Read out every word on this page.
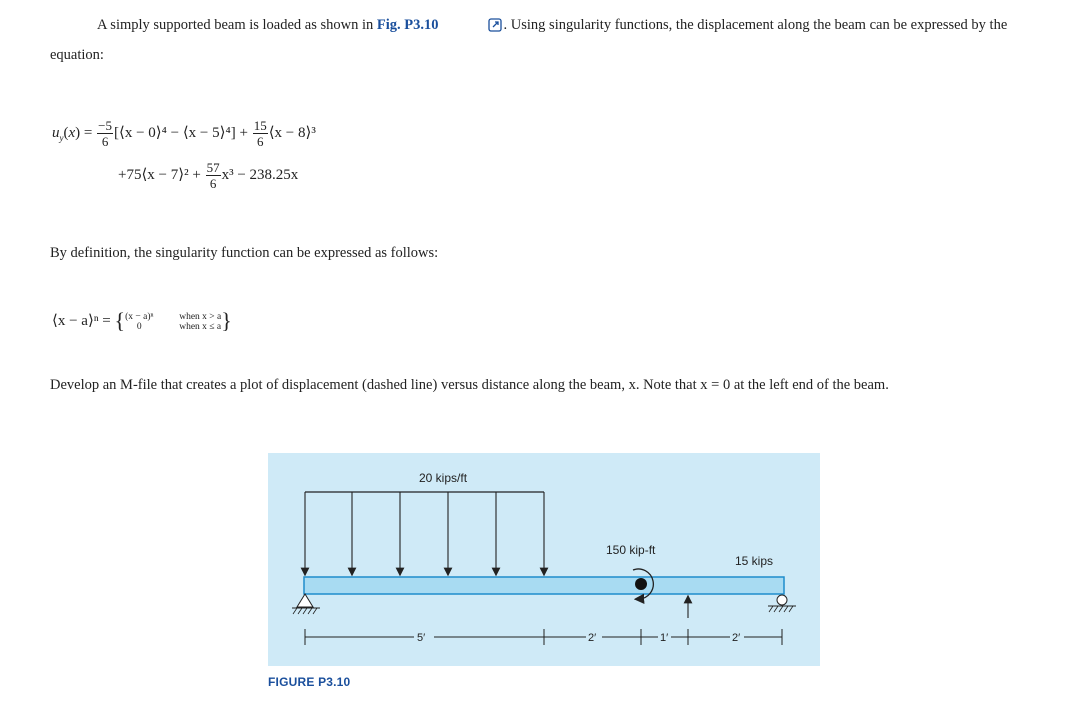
A simply supported beam is loaded as shown in Fig. P3.10	. Using singularity functions, the displacement along the beam can be expressed by the equation:
$u_y(x) = \frac{-5}{6}$ [⟨x − 0⟩⁴ − ⟨x − 5⟩⁴] + $\frac{15}{6}$ ⟨x − 8⟩³
+75⟨x − 7⟩² + $\frac{57}{6} x^3 - 238.25x$
By definition, the singularity function can be expressed as follows:
⟨x − a⟩ⁿ = { (x − a)ⁿ
0

when x > a
when x ≤ a }
Develop an M-file that creates a plot of displacement (dashed line) versus distance along the beam, x. Note that x = 0 at the left end of the beam.
20 kips/ft
150 kip-ft
15 kips
5′	2′	1′	2′
FIGURE P3.10
